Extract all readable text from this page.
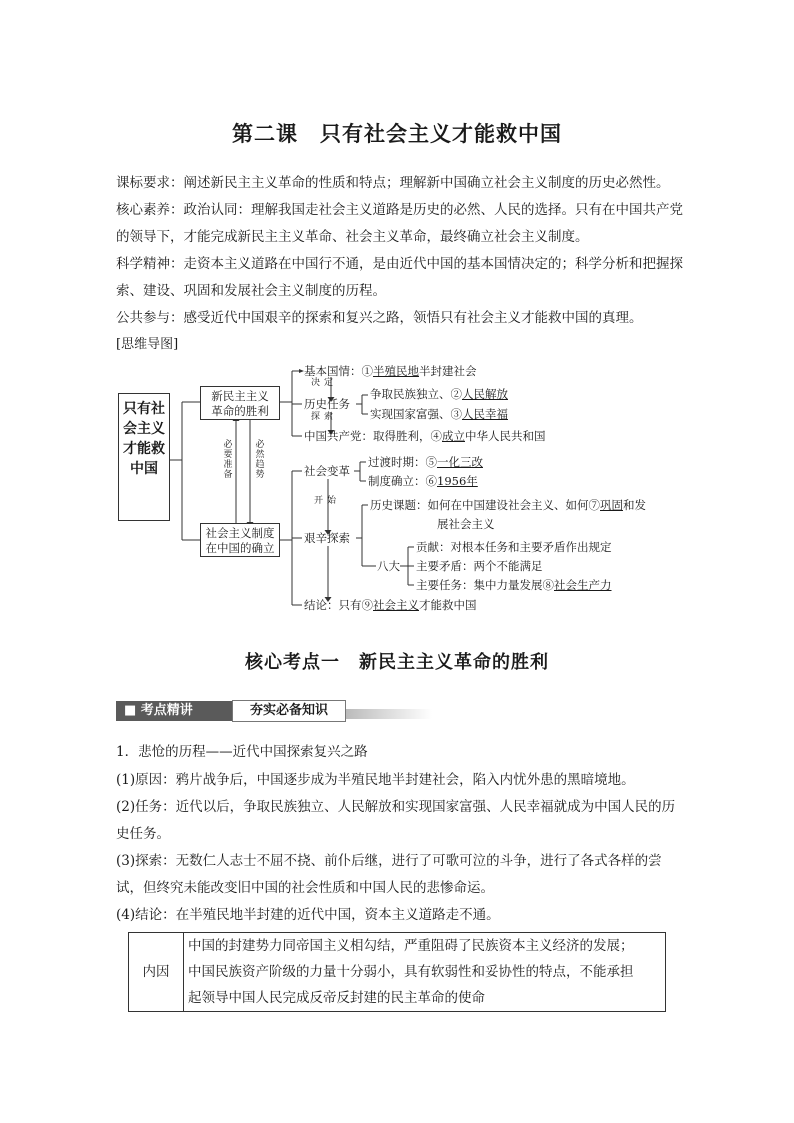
第二课　只有社会主义才能救中国

课标要求：阐述新民主主义革命的性质和特点；理解新中国确立社会主义制度的历史必然性。

核心素养：政治认同：理解我国走社会主义道路是历史的必然、人民的选择。只有在中国共产党的领导下，才能完成新民主主义革命、社会主义革命，最终确立社会主义制度。

科学精神：走资本主义道路在中国行不通，是由近代中国的基本国情决定的；科学分析和把握探索、建设、巩固和发展社会主义制度的历程。

公共参与：感受近代中国艰辛的探索和复兴之路，领悟只有社会主义才能救中国的真理。

[思维导图]
只有社会主义才能救中国
新民主主义革命的胜利
社会主义制度在中国的确立
基本国情：①半殖民地半封建社会
决定
历史任务
争取民族独立、②人民解放
实现国家富强、③人民幸福
探索
中国共产党：取得胜利，④成立中华人民共和国
必要准备
必然趋势	社会变革
过渡时期：⑤一化三改
制度确立：⑥1956年
开始
艰辛探索
历史课题：如何在中国建设社会主义、如何⑦巩固和发
展社会主义
八大
贡献：对根本任务和主要矛盾作出规定
主要矛盾：两个不能满足
主要任务：集中力量发展⑧社会生产力
结论：只有⑨社会主义才能救中国
核心考点一　新民主主义革命的胜利
■ 考点精讲	夯实必备知识

1．悲怆的历程——近代中国探索复兴之路

(1)原因：鸦片战争后，中国逐步成为半殖民地半封建社会，陷入内忧外患的黑暗境地。

(2)任务：近代以后，争取民族独立、人民解放和实现国家富强、人民幸福就成为中国人民的历史任务。

(3)探索：无数仁人志士不屈不挠、前仆后继，进行了可歌可泣的斗争，进行了各式各样的尝试，但终究未能改变旧中国的社会性质和中国人民的悲惨命运。

(4)结论：在半殖民地半封建的近代中国，资本主义道路走不通。

内因	
中国的封建势力同帝国主义相勾结，严重阻碍了民族资本主义经济的发展；
中国民族资产阶级的力量十分弱小，具有软弱性和妥协性的特点，不能承担
起领导中国人民完成反帝反封建的民主革命的使命
